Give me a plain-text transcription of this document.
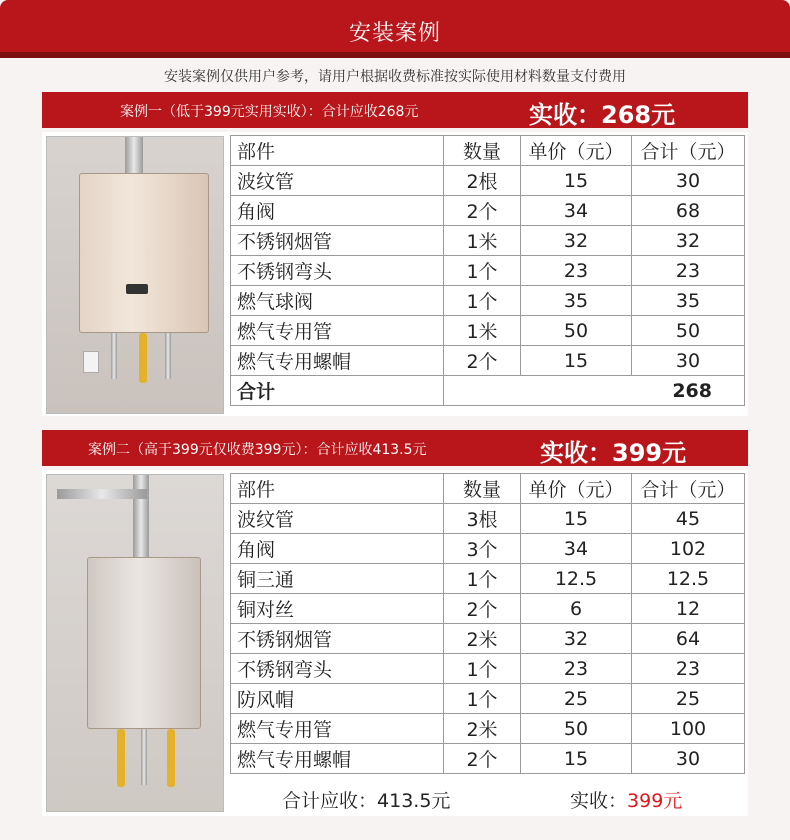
安装案例
安装案例仅供用户参考，请用户根据收费标准按实际使用材料数量支付费用
案例一（低于399元实用实收）：合计应收268元	实收：268元
部件	数量	单价（元）	合计（元）
波纹管	2根	15	30
角阀	2个	34	68
不锈钢烟管	1米	32	32
不锈钢弯头	1个	23	23
燃气球阀	1个	35	35
燃气专用管	1米	50	50
燃气专用螺帽	2个	15	30
合计	268		
案例二（高于399元仅收费399元）：合计应收413.5元	实收：399元
部件	数量	单价（元）	合计（元）
波纹管	3根	15	45
角阀	3个	34	102
铜三通	1个	12.5	12.5
铜对丝	2个	6	12
不锈钢烟管	2米	32	64
不锈钢弯头	1个	23	23
防风帽	1个	25	25
燃气专用管	2米	50	100
燃气专用螺帽	2个	15	30
合计应收：413.5元	实收：399元
